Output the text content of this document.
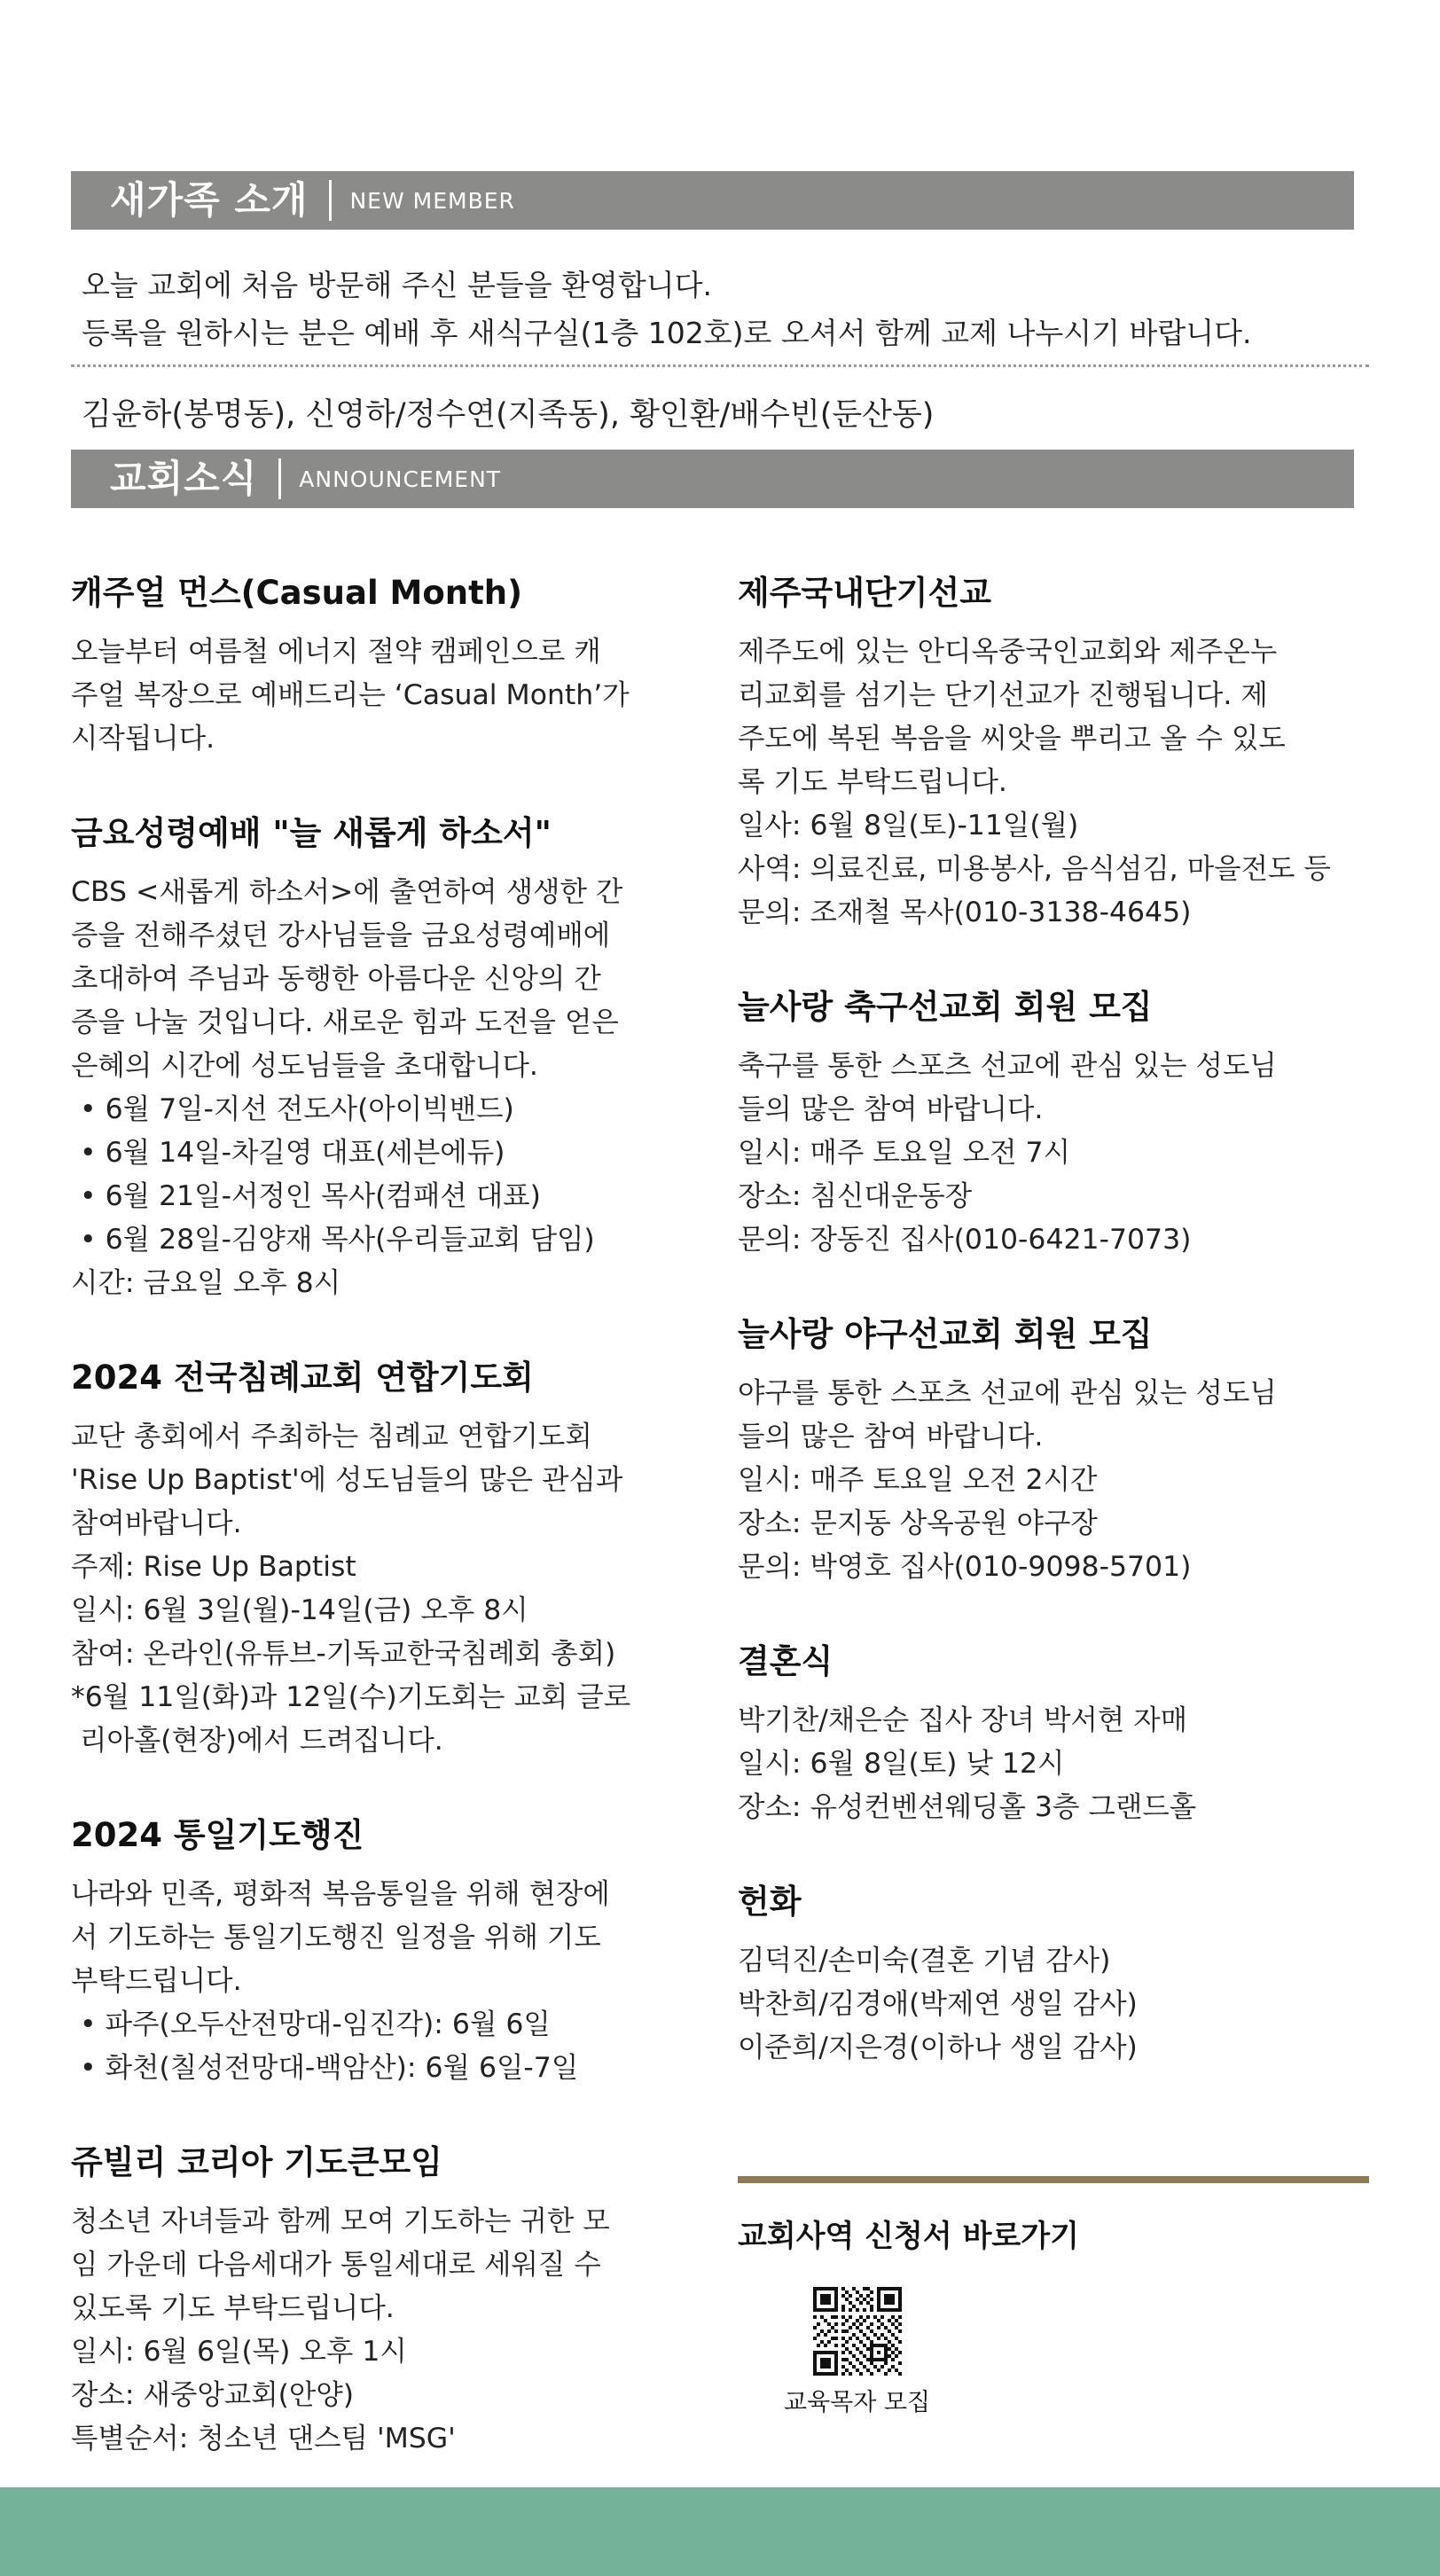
새가족 소개 NEW MEMBER
오늘 교회에 처음 방문해 주신 분들을 환영합니다.
등록을 원하시는 분은 예배 후 새식구실(1층 102호)로 오셔서 함께 교제 나누시기 바랍니다.
김윤하(봉명동), 신영하/정수연(지족동), 황인환/배수빈(둔산동)
교회소식 ANNOUNCEMENT
캐주얼 먼스(Casual Month)
오늘부터 여름철 에너지 절약 캠페인으로 캐
주얼 복장으로 예배드리는 ‘Casual Month’가
시작됩니다.
금요성령예배 "늘 새롭게 하소서"
CBS <새롭게 하소서>에 출연하여 생생한 간
증을 전해주셨던 강사님들을 금요성령예배에
초대하여 주님과 동행한 아름다운 신앙의 간
증을 나눌 것입니다. 새로운 힘과 도전을 얻은
은혜의 시간에 성도님들을 초대합니다.
• 6월 7일-지선 전도사(아이빅밴드)
• 6월 14일-차길영 대표(세븐에듀)
• 6월 21일-서정인 목사(컴패션 대표)
• 6월 28일-김양재 목사(우리들교회 담임)
시간: 금요일 오후 8시
2024 전국침례교회 연합기도회
교단 총회에서 주최하는 침례교 연합기도회
'Rise Up Baptist'에 성도님들의 많은 관심과
참여바랍니다.
주제: Rise Up Baptist
일시: 6월 3일(월)-14일(금) 오후 8시
참여: 온라인(유튜브-기독교한국침례회 총회)
*6월 11일(화)과 12일(수)기도회는 교회 글로
리아홀(현장)에서 드려집니다.
2024 통일기도행진
나라와 민족, 평화적 복음통일을 위해 현장에
서 기도하는 통일기도행진 일정을 위해 기도
부탁드립니다.
• 파주(오두산전망대-임진각): 6월 6일
• 화천(칠성전망대-백암산): 6월 6일-7일
쥬빌리 코리아 기도큰모임
청소년 자녀들과 함께 모여 기도하는 귀한 모
임 가운데 다음세대가 통일세대로 세워질 수
있도록 기도 부탁드립니다.
일시: 6월 6일(목) 오후 1시
장소: 새중앙교회(안양)
특별순서: 청소년 댄스팀 'MSG'
제주국내단기선교
제주도에 있는 안디옥중국인교회와 제주온누
리교회를 섬기는 단기선교가 진행됩니다. 제
주도에 복된 복음을 씨앗을 뿌리고 올 수 있도
록 기도 부탁드립니다.
일사: 6월 8일(토)-11일(월)
사역: 의료진료, 미용봉사, 음식섬김, 마을전도 등
문의: 조재철 목사(010-3138-4645)
늘사랑 축구선교회 회원 모집
축구를 통한 스포츠 선교에 관심 있는 성도님
들의 많은 참여 바랍니다.
일시: 매주 토요일 오전 7시
장소: 침신대운동장
문의: 장동진 집사(010-6421-7073)
늘사랑 야구선교회 회원 모집
야구를 통한 스포츠 선교에 관심 있는 성도님
들의 많은 참여 바랍니다.
일시: 매주 토요일 오전 2시간
장소: 문지동 상옥공원 야구장
문의: 박영호 집사(010-9098-5701)
결혼식
박기찬/채은순 집사 장녀 박서현 자매
일시: 6월 8일(토) 낮 12시
장소: 유성컨벤션웨딩홀 3층 그랜드홀
헌화
김덕진/손미숙(결혼 기념 감사)
박찬희/김경애(박제연 생일 감사)
이준희/지은경(이하나 생일 감사)
교회사역 신청서 바로가기
교육목자 모집
